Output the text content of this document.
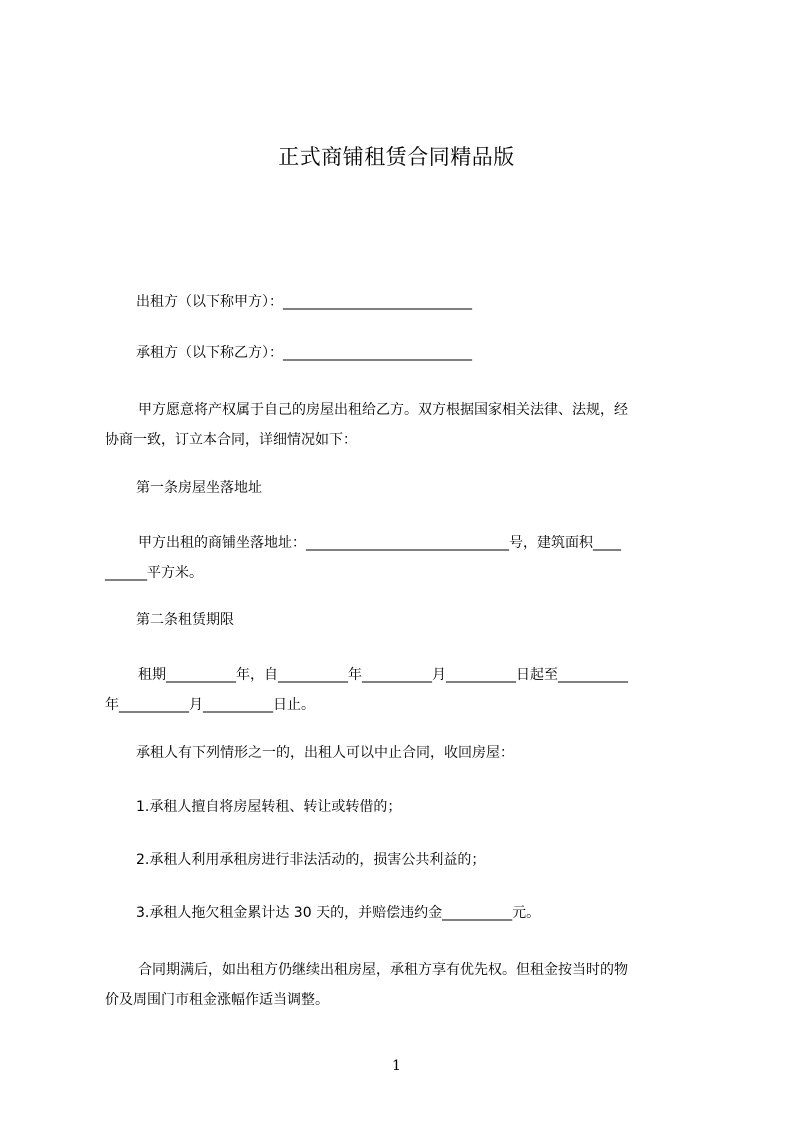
正式商铺租赁合同精品版
出租方（以下称甲方）：___________________________
承租方（以下称乙方）：___________________________
甲方愿意将产权属于自己的房屋出租给乙方。双方根据国家相关法律、法规，经
协商一致，订立本合同，详细情况如下：
第一条房屋坐落地址
甲方出租的商铺坐落地址：_____________________________号，建筑面积____
______平方米。
第二条租赁期限
租期__________年，自__________年__________月__________日起至__________
年__________月__________日止。
承租人有下列情形之一的，出租人可以中止合同，收回房屋：
1.承租人擅自将房屋转租、转让或转借的；
2.承租人利用承租房进行非法活动的，损害公共利益的；
3.承租人拖欠租金累计达 30 天的，并赔偿违约金__________元。
合同期满后，如出租方仍继续出租房屋，承租方享有优先权。但租金按当时的物
价及周围门市租金涨幅作适当调整。
1
